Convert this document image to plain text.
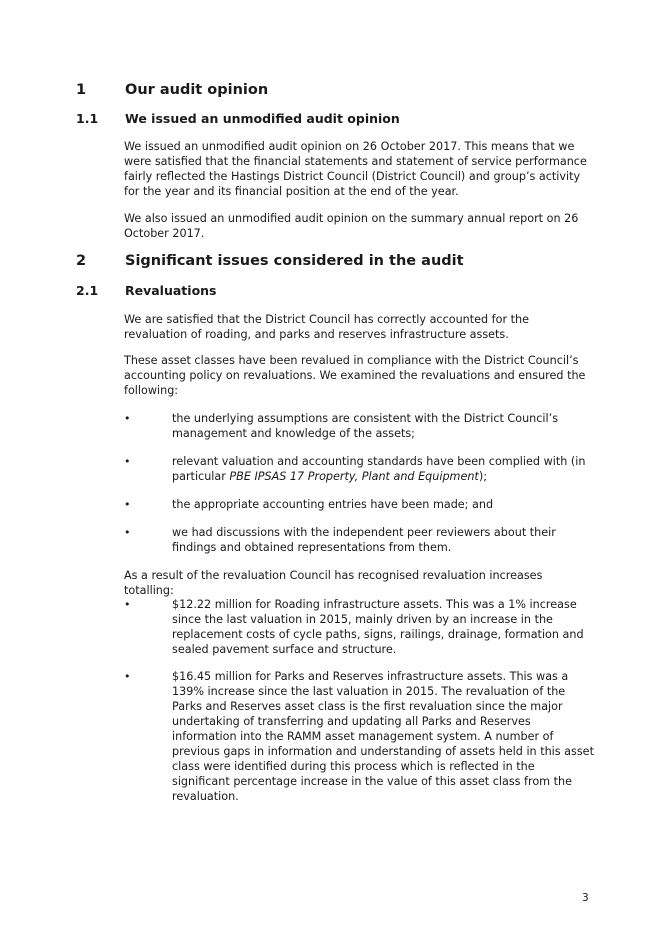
1	Our audit opinion
1.1 We issued an unmodified audit opinion

We issued an unmodified audit opinion on 26 October 2017. This means that we were satisfied that the financial statements and statement of service performance fairly reflected the Hastings District Council (District Council) and group’s activity for the year and its financial position at the end of the year.

We also issued an unmodified audit opinion on the summary annual report on 26 October 2017.

2	Significant issues considered in the audit
2.1 Revaluations

We are satisfied that the District Council has correctly accounted for the revaluation of roading, and parks and reserves infrastructure assets.

These asset classes have been revalued in compliance with the District Council’s accounting policy on revaluations. We examined the revaluations and ensured the following:

•	the underlying assumptions are consistent with the District Council’s management and knowledge of the assets;

•	relevant valuation and accounting standards have been complied with (in particular PBE IPSAS 17 Property, Plant and Equipment);

•	the appropriate accounting entries have been made; and

•	we had discussions with the independent peer reviewers about their findings and obtained representations from them.

As a result of the revaluation Council has recognised revaluation increases totalling:

•	$12.22 million for Roading infrastructure assets. This was a 1% increase since the last valuation in 2015, mainly driven by an increase in the replacement costs of cycle paths, signs, railings, drainage, formation and sealed pavement surface and structure.

•	$16.45 million for Parks and Reserves infrastructure assets. This was a 139% increase since the last valuation in 2015. The revaluation of the Parks and Reserves asset class is the first revaluation since the major undertaking of transferring and updating all Parks and Reserves information into the RAMM asset management system. A number of previous gaps in information and understanding of assets held in this asset class were identified during this process which is reflected in the significant percentage increase in the value of this asset class from the revaluation.

3
